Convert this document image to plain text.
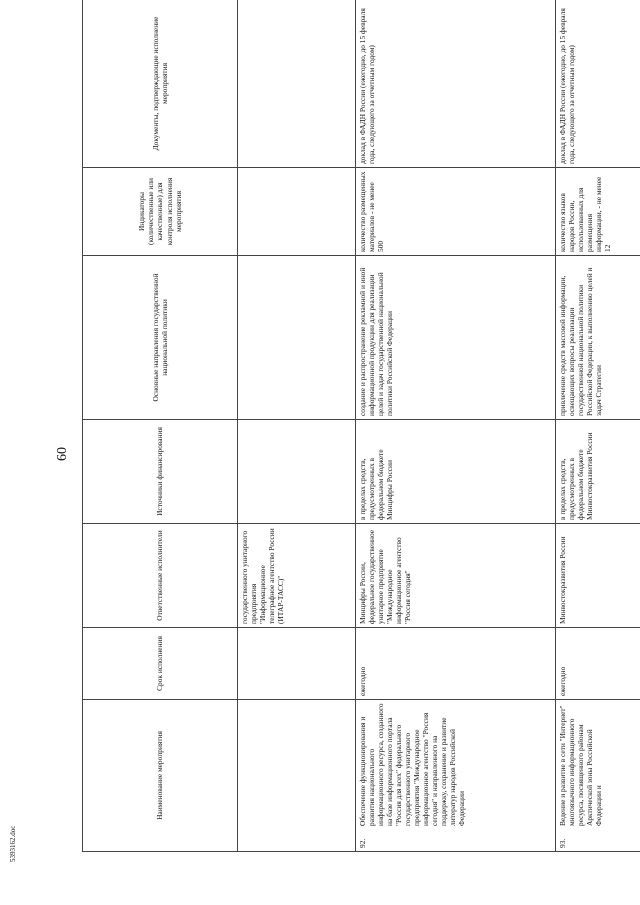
60
5393162.doc
Наименование мероприятия	Срок исполнения	Ответственные исполнители	Источники финансирования	Основные направления государственной национальной политики	Индикаторы (количественные или качественные) для контроля исполнения мероприятия	Документы, подтверждающие исполнение мероприятия

		государственного унитарного предприятия "Информационное телеграфное агентство России (ИТАР-ТАСС)"				

92.
Обеспечение функционирования и развития национального информационного ресурса, созданного на базе информационного портала "Россия для всех" федерального государственного унитарного предприятия "Международное информационное агентство "Россия сегодня" и направленного на поддержку, сохранение и развитие литератур народов Российской Федерации	ежегодно	Минцифры России, федеральное государственное унитарное предприятие "Международное информационное агентство "Россия сегодня"	в пределах средств, предусмотренных в федеральном бюджете Минцифры России	создание и распространение рекламной и иной информационной продукции для реализации целей и задач государственной национальной политики Российской Федерации	количество размещенных материалов - не менее 500	доклад в ФАДН России (ежегодно, до 15 февраля года, следующего за отчетным годом)

93.
Ведение и развитие в сети "Интернет" многоязычного информационного ресурса, посвященного районам Арктической зоны Российской Федерации и	ежегодно	Минвостокразвития России	в пределах средств, предусмотренных в федеральном бюджете Минвостокразвития России	привлечение средств массовой информации, освещающих вопросы реализации государственной национальной политики Российской Федерации, к выполнению целей и задач Стратегии	количество языков народов России, использованных для размещения информации, - не менее 12	доклад в ФАДН России (ежегодно, до 15 февраля года, следующего за отчетным годом)
